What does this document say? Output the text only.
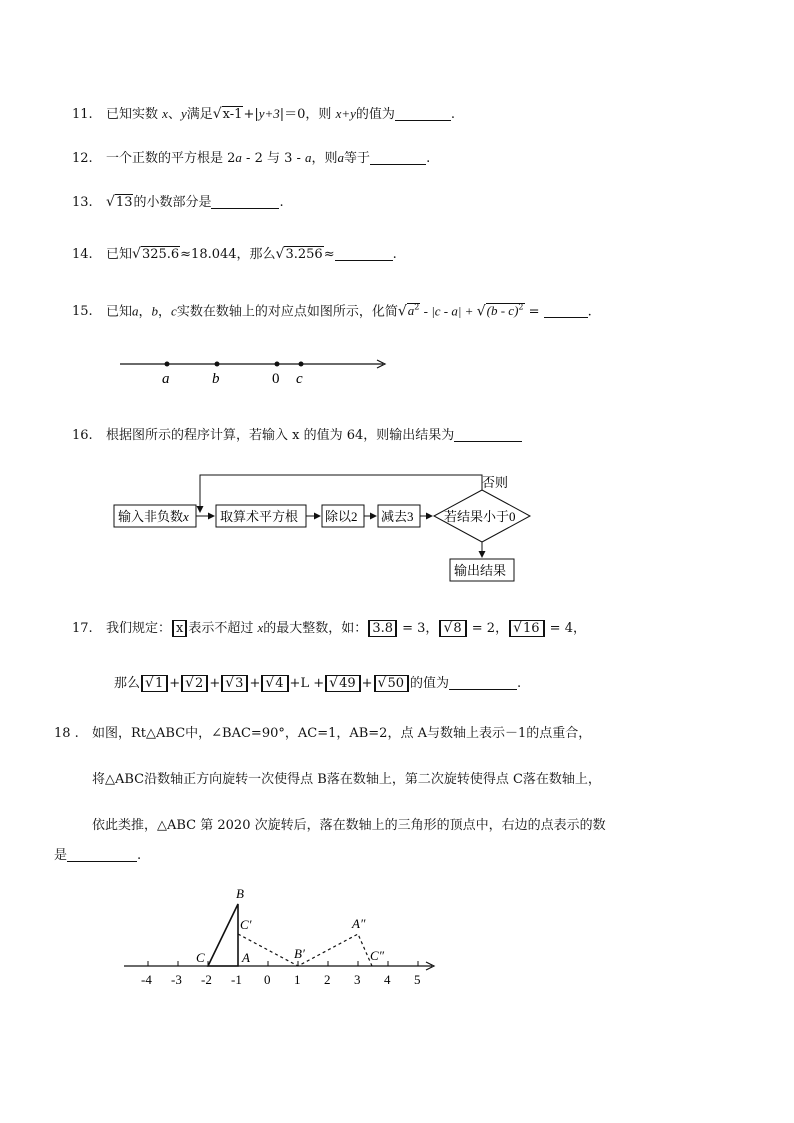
11. 已知实数 x、y满足√x-1+|y+3|＝0，则 x+y的值为	.
12. 一个正数的平方根是 2a - 2 与 3 - a，则a等于	.
13. √13的小数部分是	.
14. 已知√325.6≈18.044，那么√3.256≈	.
15. 已知a，b，c实数在数轴上的对应点如图所示，化简$√a^2 - |c - a| + √(b - c)^2$ =	.
a	b	0 c
16. 根据图所示的程序计算，若输入 x 的值为 64，则输出结果为
输入非负数x 取算术平方根 除以2 减去3 若结果小于0
否则
输出结果
17. 我们规定： x 表示不超过 x的最大整数，如： 3.8 = 3， √8 = 2， √16 = 4，
那么 √1 + √2 + √3 + √4 +L + √49 + √50 的值为	.
18 . 如图，Rt△ABC中，∠BAC=90°，AC=1，AB=2，点 A与数轴上表示－1的点重合，
将△ABC沿数轴正方向旋转一次使得点 B落在数轴上，第二次旋转使得点 C落在数轴上，
依此类推，△ABC 第 2020 次旋转后，落在数轴上的三角形的顶点中，右边的点表示的数
是	.
-4 -3 -2 -1 0 1 2 3 4 5
B
C′
C	A	B′
A″
C″
